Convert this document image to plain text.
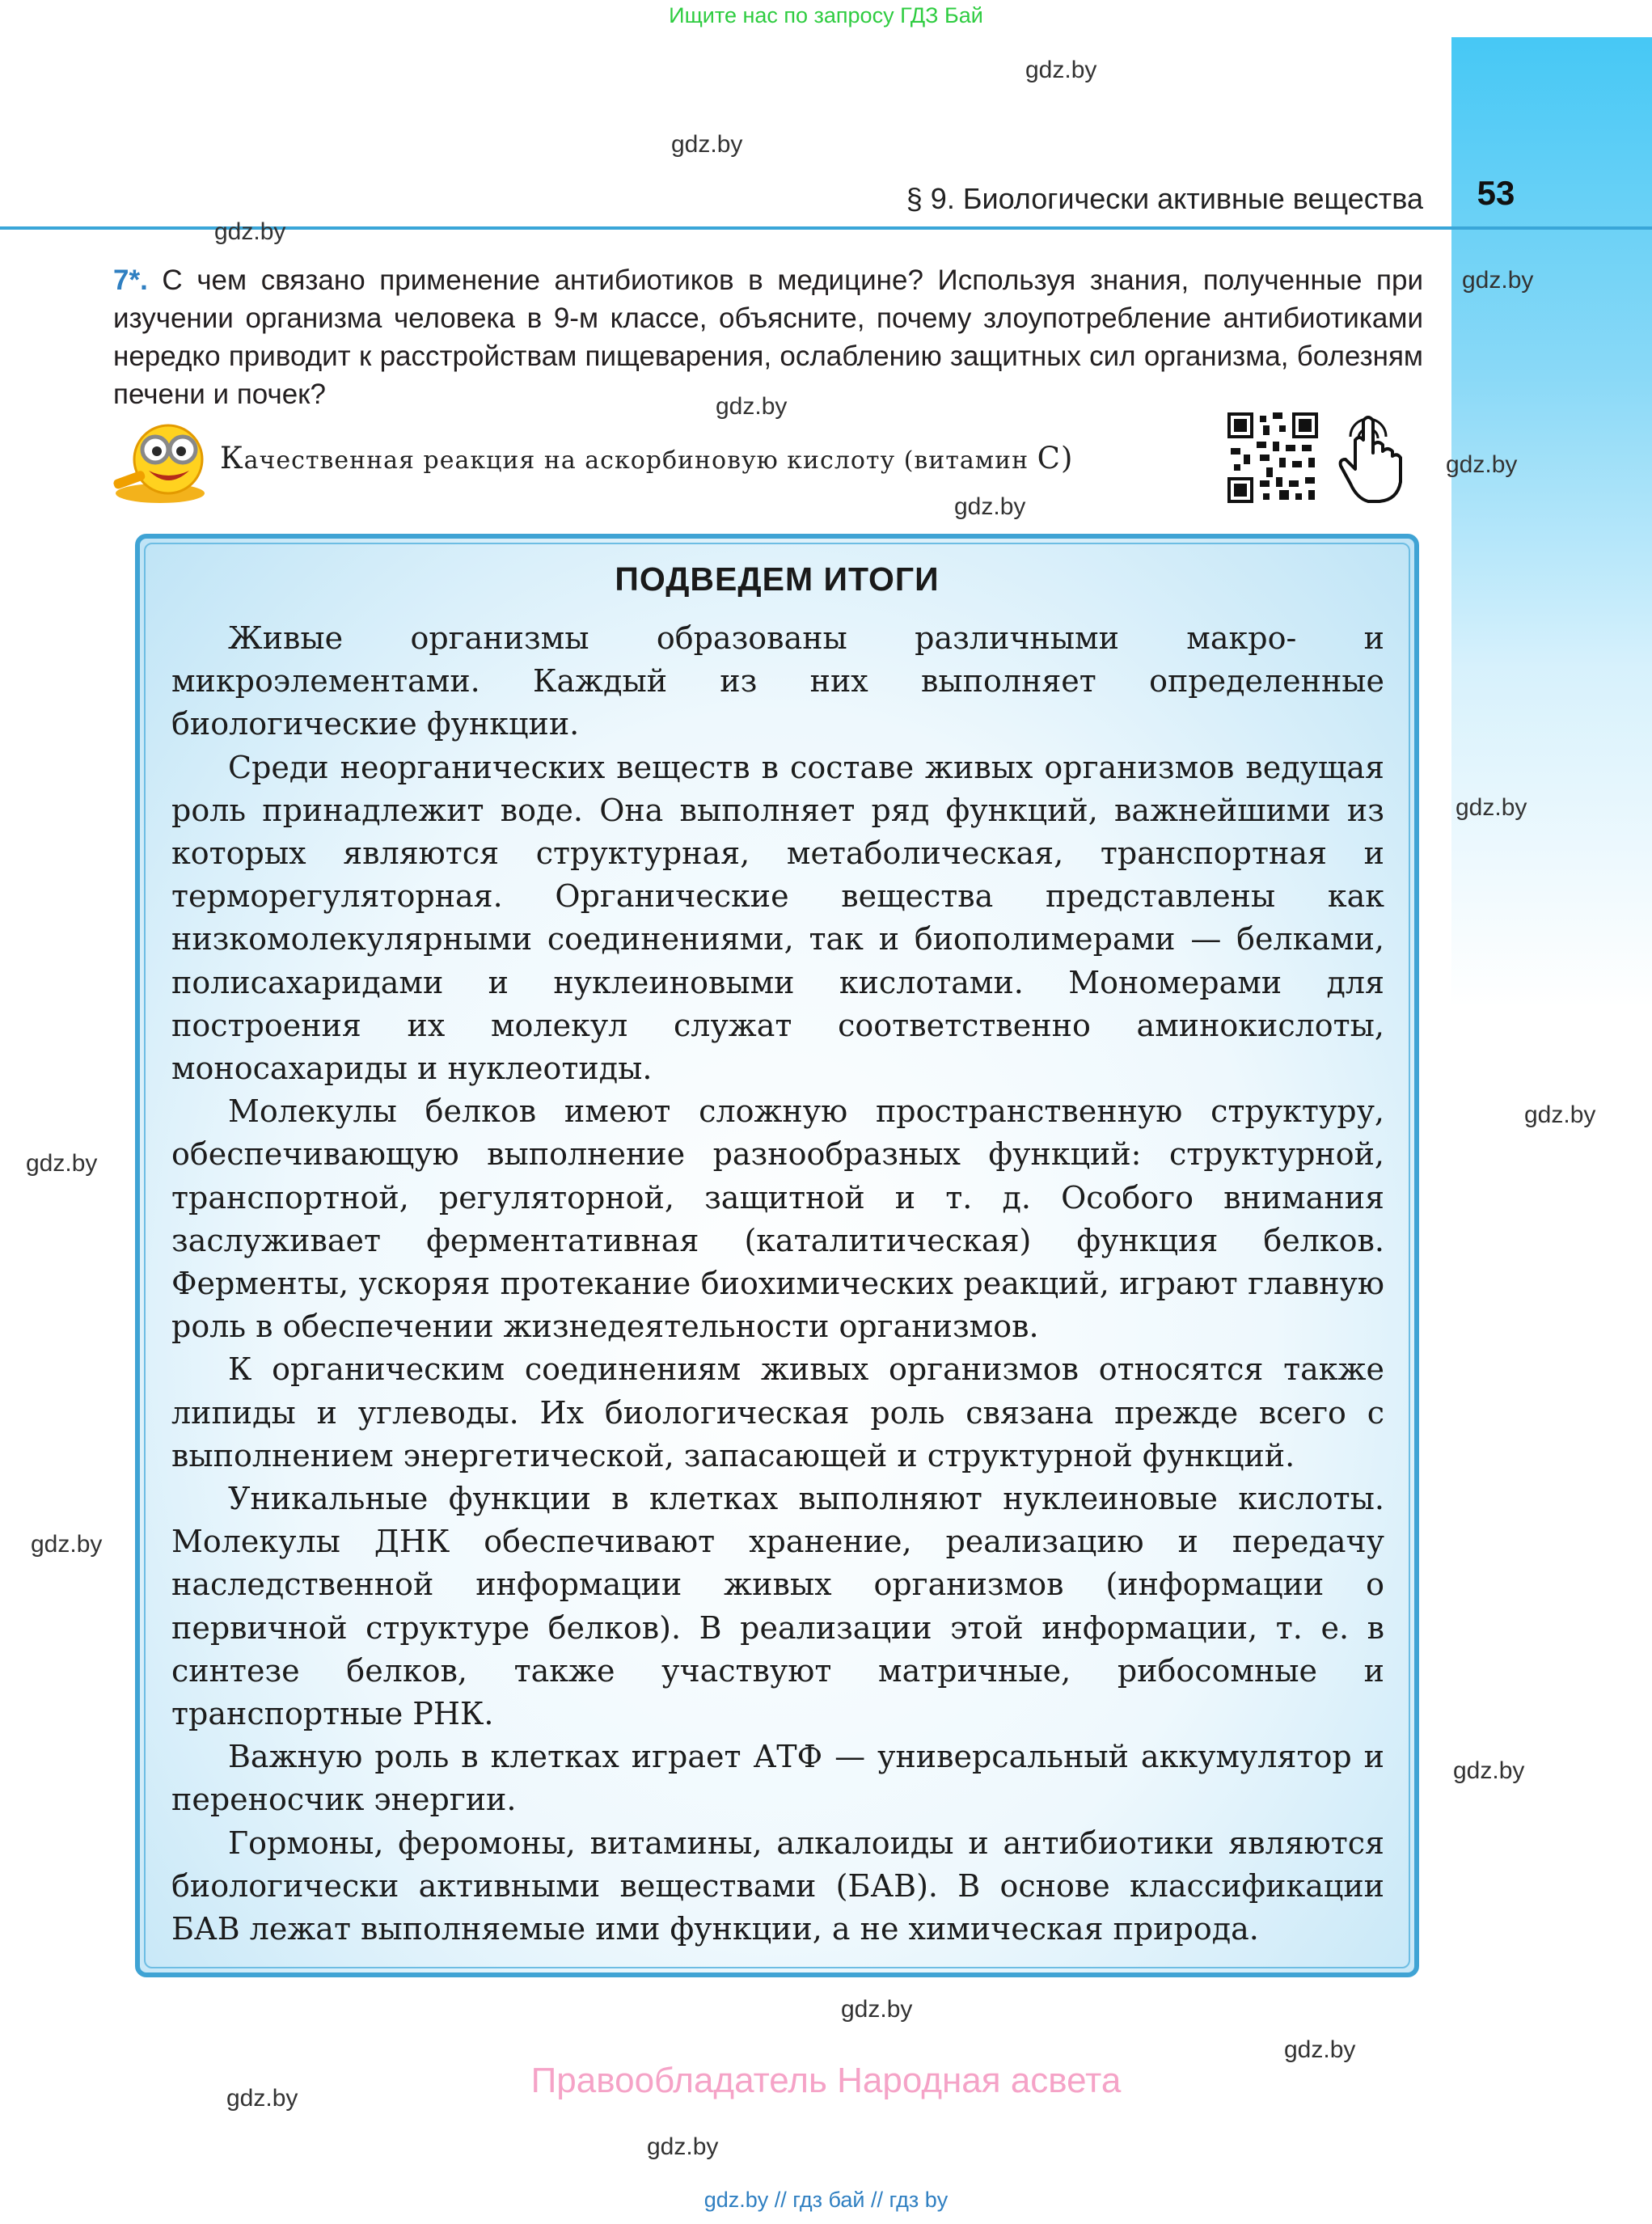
Ищите нас по запросу ГДЗ Бай
53
§ 9. Биологически активные вещества
gdz.by
gdz.by
gdz.by
gdz.by
gdz.by
gdz.by
gdz.by
gdz.by
gdz.by
gdz.by
gdz.by
gdz.by
gdz.by
gdz.by
gdz.by
gdz.by
7*. С чем связано применение антибиотиков в медицине? Используя знания, полученные при изучении организма человека в 9-м классе, объясните, почему злоупотребление антибиотиками нередко приводит к расстройствам пищеварения, ослаблению защитных сил организма, болезням печени и почек?
Качественная реакция на аскорбиновую кислоту (витамин С)
ПОДВЕДЕМ ИТОГИ

Живые организмы образованы различными макро- и микроэлементами. Каждый из них выполняет определенные биологические функции.

Среди неорганических веществ в составе живых организмов ведущая роль принадлежит воде. Она выполняет ряд функций, важнейшими из которых являются структурная, метаболическая, транспортная и терморегуляторная. Органические вещества представлены как низкомолекулярными соединениями, так и биополимерами — белками, полисахаридами и нуклеиновыми кислотами. Мономерами для построения их молекул служат соответственно аминокислоты, моносахариды и нуклеотиды.

Молекулы белков имеют сложную пространственную структуру, обеспечивающую выполнение разнообразных функций: структурной, транспортной, регуляторной, защитной и т. д. Особого внимания заслуживает ферментативная (каталитическая) функция белков. Ферменты, ускоряя протекание биохимических реакций, играют главную роль в обеспечении жизнедеятельности организмов.

К органическим соединениям живых организмов относятся также липиды и углеводы. Их биологическая роль связана прежде всего с выполнением энергетической, запасающей и структурной функций.

Уникальные функции в клетках выполняют нуклеиновые кислоты. Молекулы ДНК обеспечивают хранение, реализацию и передачу наследственной информации живых организмов (информации о первичной структуре белков). В реализации этой информации, т. е. в синтезе белков, также участвуют матричные, рибосомные и транспортные РНК.

Важную роль в клетках играет АТФ — универсальный аккумулятор и переносчик энергии.

Гормоны, феромоны, витамины, алкалоиды и антибиотики являются биологически активными веществами (БАВ). В основе классификации БАВ лежат выполняемые ими функции, а не химическая природа.

Правообладатель Народная асвета
gdz.by // гдз бай // гдз by
